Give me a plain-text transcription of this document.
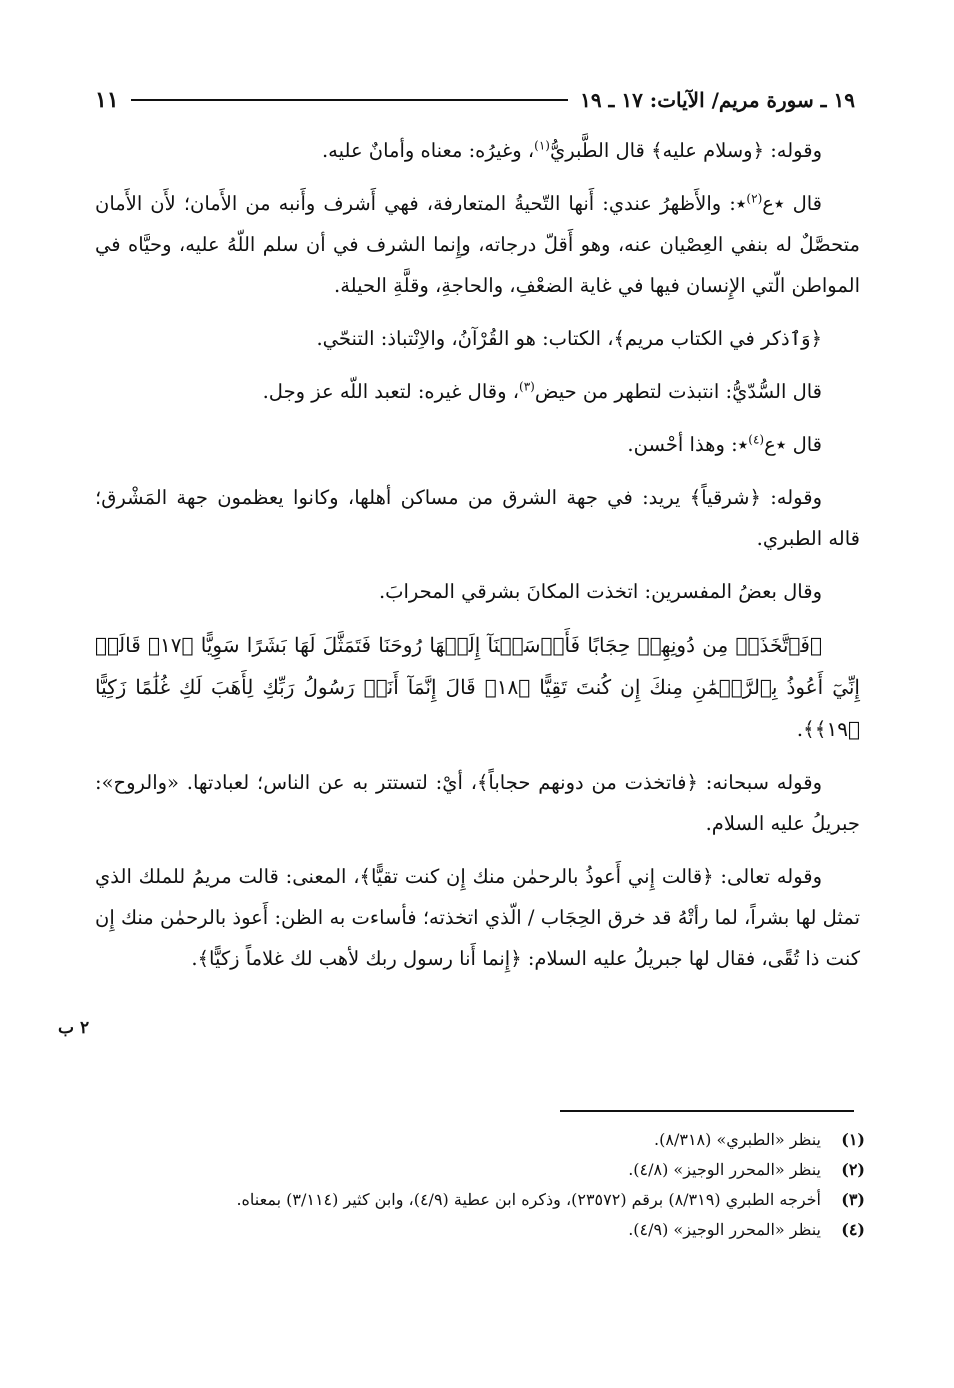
١٩ ـ سورة مريم/ الآيات: ١٧ ـ ١٩
١١

وقوله: ﴿وسلام عليه﴾ قال الطَّبريُّ$^{(١)}$، وغيرُه: معناه وأمانٌ عليه.

قال ٭ع$^{(٢)}$٭: والأَظهرُ عندي: أَنها التّحيةُ المتعارفة، فهي أَشرف وأَنبه من الأَمان؛ لأَن الأَمان متحصَّلٌ له بنفي العِصْيان عنه، وهو أَقلّ درجاته، وإِنما الشرف في أن سلم اللّهُ عليه، وحيَّاه في المواطن الّتي الإِنسان فيها في غاية الضعْفِ، والحاجةِ، وقلَّةِ الحيلة.

﴿وَٱذكر في الكتاب مريم﴾، الكتاب: هو القُرْآنُ، والاِنْتباذ: التنحّي.

قال السُّدّيُّ: انتبذت لتطهر من حيض$^{(٣)}$، وقال غيره: لتعبد اللّه عز وجل.

قال ٭ع$^{(٤)}$٭: وهذا أحْسن.

وقوله: ﴿شرقياً﴾ يريد: في جهة الشرق من مساكن أهلها، وكانوا يعظمون جهة المَشْرق؛ قاله الطبري.

وقال بعضُ المفسرين: اتخذت المكانَ بشرقي المحرابَ.

﴿فَٱتَّخَذَتۡ مِن دُونِهِمۡ حِجَابًا فَأَرۡسَلۡنَآ إِلَيۡهَا رُوحَنَا فَتَمَثَّلَ لَهَا بَشَرًا سَوِيًّا ﴿١٧﴾ قَالَتۡ إِنِّيٓ أَعُوذُ بِٱلرَّحۡمَٰنِ مِنكَ إِن كُنتَ تَقِيًّا ﴿١٨﴾ قَالَ إِنَّمَآ أَنَا۠ رَسُولُ رَبِّكِ لِأَهَبَ لَكِ غُلَٰمًا زَكِيًّا ﴿١٩﴾﴾.

وقوله سبحانه: ﴿فاتخذت من دونهم حجاباً﴾، أيْ: لتستتر به عن الناس؛ لعبادتها. «والروح»: جبريلُ عليه السلام.

وقوله تعالى: ﴿قالت إِني أَعوذُ بالرحمٰن منك إِن كنت تقيًّا﴾، المعنى: قالت مريمُ للملك الذي تمثل لها بشراً، لما رأتْهُ قد خرق الحِجَاب / الّذي اتخذته؛ فأساءت به الظن: أَعوذ بالرحمٰن منك إِن كنت ذا تُقًى، فقال لها جبريلُ عليه السلام: ﴿إِنما أَنا رسول ربك لأهب لك غلاماً زكيًّا﴾.

٢ ب
(١)
ينظر «الطبري» (٨/٣١٨).
(٢)
ينظر «المحرر الوجيز» (٤/٨).
(٣)
أخرجه الطبري (٨/٣١٩) برقم (٢٣٥٧٢)، وذكره ابن عطية (٤/٩)، وابن كثير (٣/١١٤) بمعناه.
(٤)
ينظر «المحرر الوجيز» (٤/٩).
